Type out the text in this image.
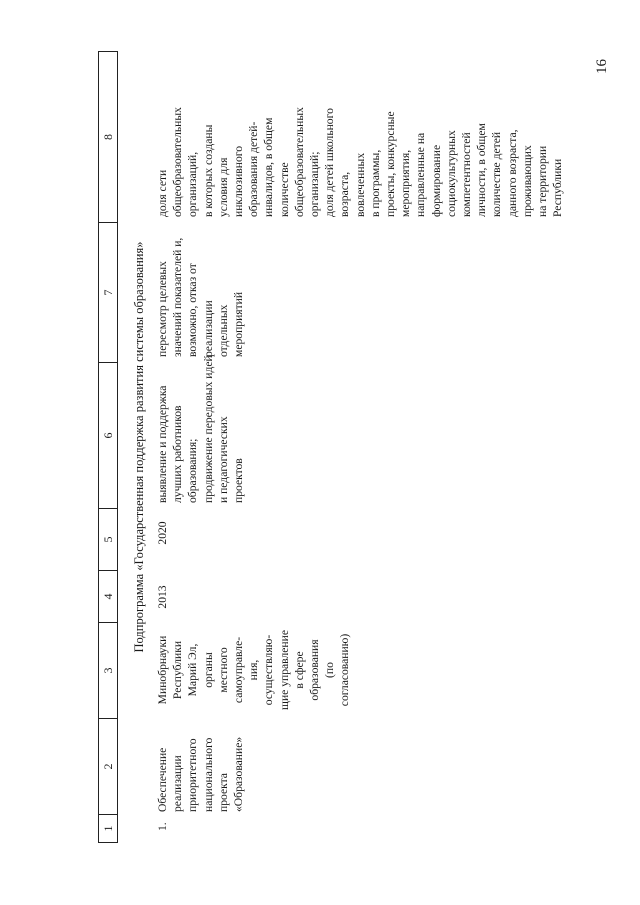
16
1
2
3
4
5
6
7
8
Подпрограмма «Государственная поддержка развития системы образования»
1.
Обеспечение реализации приоритетного национального проекта «Образование»
Минобрнауки Республики Марий Эл, органы местного самоуправле- ния, осуществляю- щие управление в сфере образования (по согласованию)
2013
2020
выявление и поддержка лучших работников образования; продвижение передовых идей и педагогических проектов
пересмотр целевых значений показателей и, возможно, отказ от реализации отдельных мероприятий
доля сети общеобразовательных организаций, в которых созданы условия для инклюзивного образования детей- инвалидов, в общем количестве общеобразовательных организаций; доля детей школьного возраста, вовлеченных в программы, проекты, конкурсные мероприятия, направленные на формирование социокультурных компетентностей личности, в общем количестве детей данного возраста, проживающих на территории Республики
